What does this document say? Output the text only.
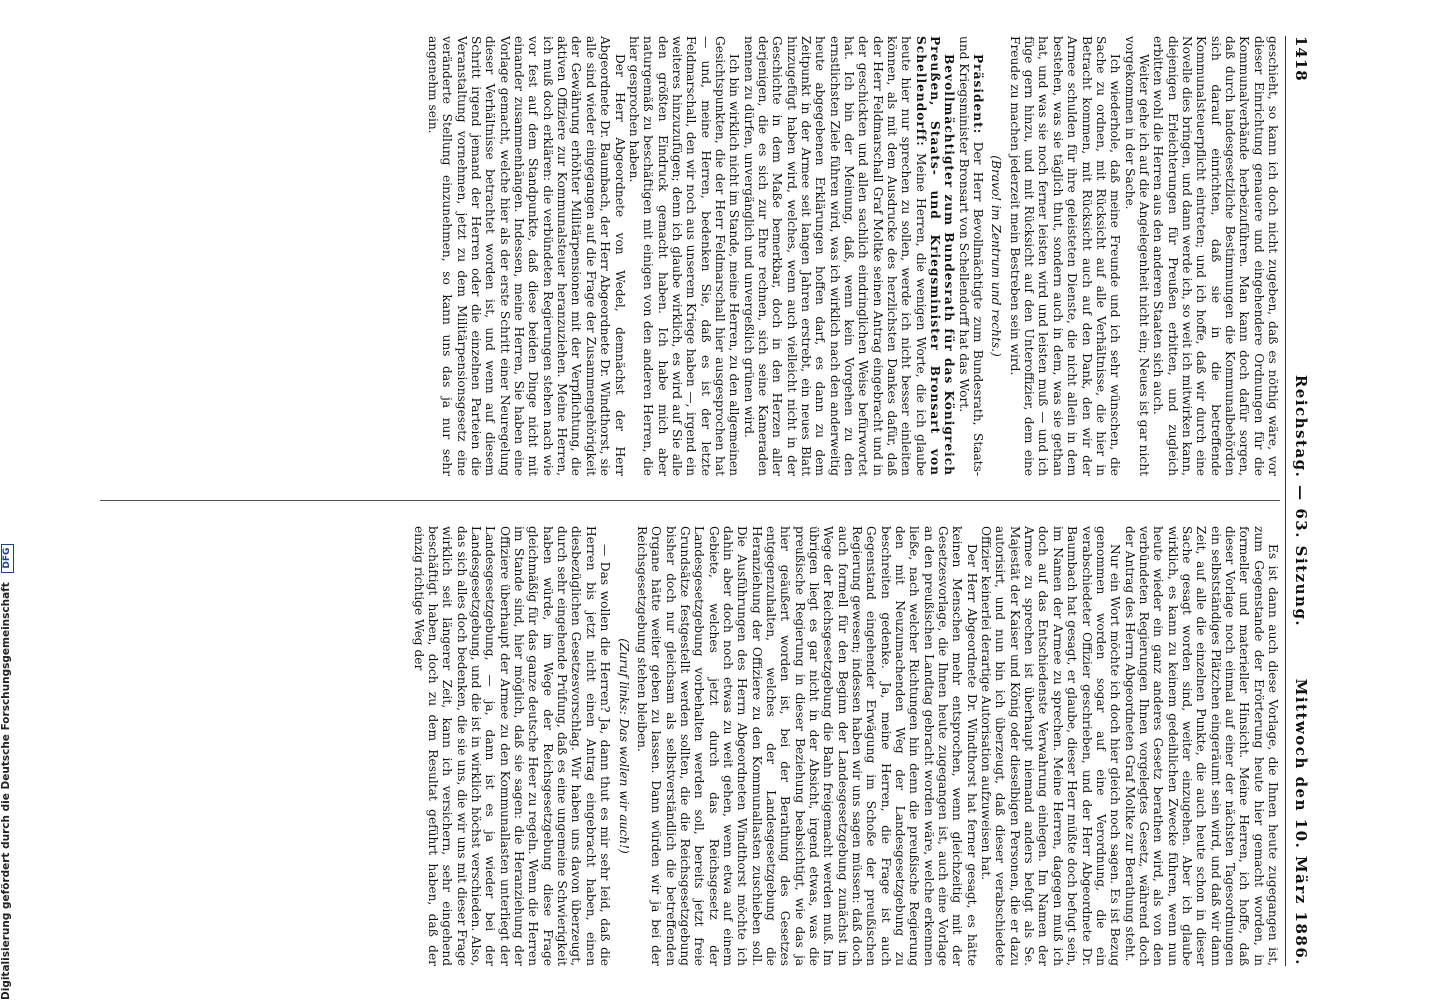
1418
Reichstag. — 63. Sitzung.
Mittwoch den 10. März 1886.

geschieht, so kann ich doch nicht zugeben, daß es nöthig wäre, vor dieser Einrichtung genauere und eingehendere Ordnungen für die Kommunalverbände herbeizuführen. Man kann doch dafür sorgen, daß durch landesgesetzliche Bestimmungen die Kommunalbehörden sich darauf einrichten, daß sie in die betreffende Kommunalsteuerpflicht eintreten; und ich hoffe, daß wir durch eine Novelle dies bringen, und dann werde ich, so weit ich mitwirken kann, diejenigen Erleichterungen für Preußen erbitten, und zugleich erbitten wohl die Herren aus den anderen Staaten sich auch.

Weiter gehe ich auf die Angelegenheit nicht ein; Neues ist gar nicht vorgekommen in der Sache.

Ich wiederhole, daß meine Freunde und ich sehr wünschen, die Sache zu ordnen, mit Rücksicht auf alle Verhältnisse, die hier in Betracht kommen, mit Rücksicht auch auf den Dank, den wir der Armee schulden für ihre geleisteten Dienste, die nicht allein in dem bestehen, was sie täglich thut, sondern auch in dem, was sie gethan hat, und was sie noch ferner leisten wird und leisten muß — und ich füge gern hinzu, und mit Rücksicht auf den Unteroffizier, dem eine Freude zu machen jederzeit mein Bestreben sein wird.

(Bravo! im Zentrum und rechts.)

Präsident: Der Herr Bevollmächtigte zum Bundesrath, Staats- und Kriegsminister Bronsart von Schellendorff hat das Wort.

Bevollmächtigter zum Bundesrath für das Königreich Preußen, Staats- und Kriegsminister Bronsart von Schellendorff: Meine Herren, die wenigen Worte, die ich glaube heute hier nur sprechen zu sollen, werde ich nicht besser einleiten können, als mit dem Ausdrucke des herzlichsten Dankes dafür, daß der Herr Feldmarschall Graf Moltke seinen Antrag eingebracht und in der geschickten und allen sachlich eindringlichen Weise befürwortet hat. Ich bin der Meinung, daß, wenn kein Vorgehen zu den ernstlichsten Ziele führen wird, was ich wirklich nach den anderweitig heute abgegebenen Erklärungen hoffen darf, es dann zu dem Zeitpunkt in der Armee seit langen Jahren erstrebt, ein neues Blatt hinzugefügt haben wird, welches, wenn auch vielleicht nicht in der Geschichte in dem Maße bemerkbar, doch in den Herzen aller derjenigen, die es sich zur Ehre rechnen, sich seine Kameraden nennen zu dürfen, unvergänglich und unvergeßlich grünen wird.

Ich bin wirklich nicht im Stande, meine Herren, zu den allgemeinen Gesichtspunkten, die der Herr Feldmarschall hier ausgesprochen hat — und, meine Herren, bedenken Sie, daß es ist der letzte Feldmarschall, den wir noch aus unserem Kriege haben —, irgend ein weiteres hinzuzufügen; denn ich glaube wirklich, es wird auf Sie alle den größten Eindruck gemacht haben. Ich habe mich aber naturgemäß zu beschäftigen mit einigen von den anderen Herren, die hier gesprochen haben.

Der Herr Abgeordnete von Wedel, demnächst der Herr Abgeordnete Dr. Baumbach, der Herr Abgeordnete Dr. Windthorst, sie alle sind wieder eingegangen auf die Frage der Zusammengehörigkeit der Gewährung erhöhter Militärpensionen mit der Verpflichtung, die aktiven Offiziere zur Kommunalsteuer heranzuziehen. Meine Herren, ich muß doch erklären: die verbündeten Regierungen stehen nach wie vor fest auf dem Standpunkte, daß diese beiden Dinge nicht mit einander zusammenhängen. Indessen, meine Herren, Sie haben eine Vorlage gemacht, welche hier als der erste Schritt einer Neuregelung dieser Verhältnisse betrachtet worden ist, und wenn auf diesem Schritt irgend jemand der Herren oder die einzelnen Parteien die Veranstaltung vornehmen, jetzt zu dem Militärpensionsgesetz eine veränderte Stellung einzunehmen, so kann uns das ja nur sehr angenehm sein.

Es ist dann auch diese Vorlage, die Ihnen heute zugegangen ist, zum Gegenstande der Erörterung heute hier gemacht worden, in formeller und materieller Hinsicht. Meine Herren, ich hoffe, daß dieser Vorlage noch einmal auf einer der nächsten Tagesordnungen ein selbstständiges Plätzchen eingeräumt sein wird, und daß wir dann Zeit, auf alle die einzelnen Punkte, die auch heute schon in dieser Sache gesagt worden sind, weiter einzugehen. Aber ich glaube wirklich, es kann zu keinem gedeihlichen Zwecke führen, wenn nun heute wieder ein ganz anderes Gesetz berathen wird, als von den verbündeten Regierungen Ihnen vorgelegtes Gesetz, während doch der Antrag des Herrn Abgeordneten Graf Moltke zur Berathung steht.

Nur ein Wort möchte ich doch hier gleich noch sagen. Es ist Bezug genommen worden sogar auf eine Verordnung, die ein verabschiedeter Offizier geschrieben, und der Herr Abgeordnete Dr. Baumbach hat gesagt, er glaube, dieser Herr müßte doch befugt sein, im Namen der Armee zu sprechen. Meine Herren, dagegen muß ich doch auf das Entschiedenste Verwahrung einlegen. Im Namen der Armee zu sprechen ist überhaupt niemand anders befugt als Se. Majestät der Kaiser und König oder dieselbigen Personen, die er dazu autorisirt, und nun bin ich überzeugt, daß dieser verabschiedete Offizier keinerlei derartige Autorisation aufzuweisen hat.

Der Herr Abgeordnete Dr. Windthorst hat ferner gesagt, es hätte keinen Menschen mehr entsprochen, wenn gleichzeitig mit der Gesetzesvorlage, die Ihnen heute zugegangen ist, auch eine Vorlage an den preußischen Landtag gebracht worden wäre, welche erkennen ließe, nach welcher Richtungen hin denn die preußische Regierung den mit Neuzumachenden Weg der Landesgesetzgebung zu beschreiten gedenke. Ja, meine Herren, die Frage ist auch Gegenstand eingehender Erwägung im Schoße der preußischen Regierung gewesen; indessen haben wir uns sagen müssen: daß doch auch formell für den Beginn der Landesgesetzgebung zunächst im Wege der Reichsgesetzgebung die Bahn freigemacht werden muß. Im übrigen liegt es gar nicht in der Absicht, irgend etwas, was die preußische Regierung in dieser Beziehung beabsichtigt, wie das ja hier geäußert worden ist, bei der Berathung des Gesetzes entgegenzuhalten, welches der Landesgesetzgebung die Heranziehung der Offiziere zu den Kommunallasten zuschieben soll. Die Ausführungen des Herrn Abgeordneten Windthorst möchte ich dahin aber doch noch etwas zu weit gehen, wenn etwa auf einem Gebiete, welches jetzt durch das Reichsgesetz der Landesgesetzgebung vorbehalten werden soll, bereits jetzt freie Grundsätze festgestellt werden sollten, die die Reichsgesetzgebung bisher doch nur gleichsam als selbstverständlich die betreffenden Organe hätte weiter geben zu lassen. Dann würden wir ja bei der Reichsgesetzgebung stehen bleiben.

(Zuruf links: Das wollen wir auch!)

— Das wollen die Herren? Ja, dann thut es mir sehr leid, daß die Herren bis jetzt nicht einen Antrag eingebracht haben, einen diesbezüglichen Gesetzesvorschlag. Wir haben uns davon überzeugt, durch sehr eingehende Prüfung, daß es eine ungemeine Schwierigkeit haben würde, im Wege der Reichsgesetzgebung diese Frage gleichmäßig für das ganze deutsche Heer zu regeln. Wenn die Herren im Stande sind, hier möglich, daß sie sagen: die Heranziehung der Offiziere überhaupt der Armee zu den Kommunallasten unterliegt der Landesgesetzgebung, — ja, dann ist es ja wieder bei der Landesgesetzgebung, und die ist in wirklich höchst verschieden. Also, das sich alles doch bedenken, die sie uns, die wir uns mit dieser Frage wirklich seit längerer Zeit, kann ich versichern, sehr eingehend beschäftigt haben, doch zu dem Resultat geführt haben, daß der einzig richtige Weg der

Digitalisierung gefördert durch die Deutsche Forschungsgemeinschaft DFG
